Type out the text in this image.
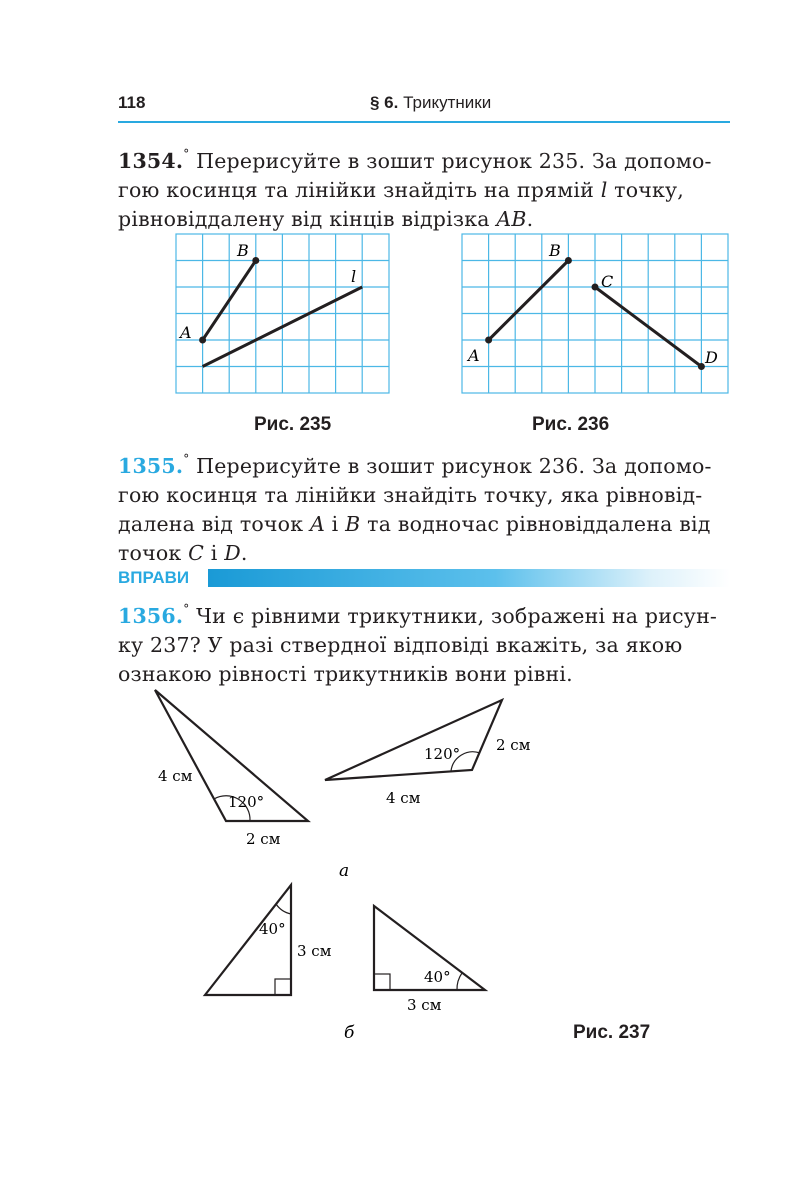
118	§ 6. Трикутники
1354.° Перерисуйте в зошит рисунок 235. За допомо-
гою косинця та лінійки знайдіть на прямій l точку,
рівновіддалену від кінців відрізка AB.
A
B
l
Рис. 235
A
B
C
D
Рис. 236
1355.° Перерисуйте в зошит рисунок 236. За допомо-
гою косинця та лінійки знайдіть точку, яка рівновід-
далена від точок A і B та водночас рівновіддалена від
точок C і D.
ВПРАВИ
1356.° Чи є рівними трикутники, зображені на рисун-
ку 237? У разі ствердної відповіді вкажіть, за якою
ознакою рівності трикутників вони рівні.
4 см
120°
2 см
120° 2 см
4 см
а
40°
3 см
40°
3 см
б	Рис. 237
